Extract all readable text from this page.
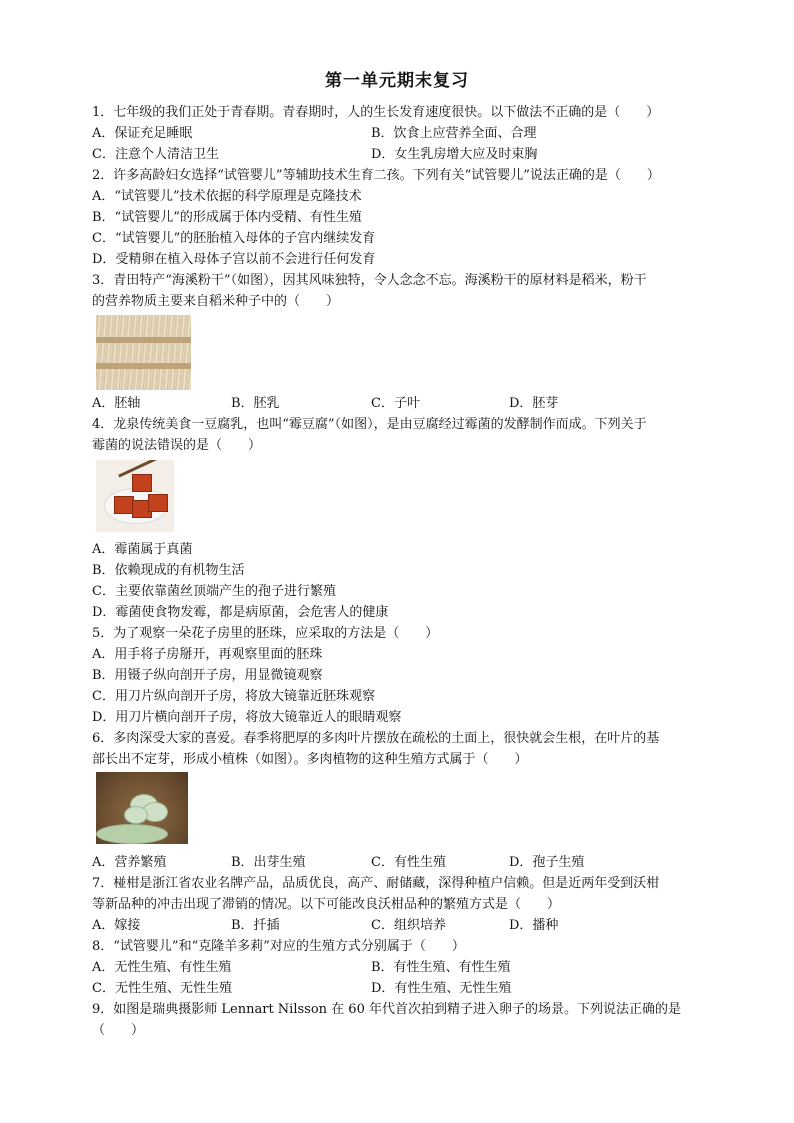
第一单元期末复习
1．七年级的我们正处于青春期。青春期时，人的生长发育速度很快。以下做法不正确的是（　　）
A．保证充足睡眠	B．饮食上应营养全面、合理
C．注意个人清洁卫生	D．女生乳房增大应及时束胸
2．许多高龄妇女选择“试管婴儿”等辅助技术生育二孩。下列有关“试管婴儿”说法正确的是（　　）
A．“试管婴儿”技术依据的科学原理是克隆技术
B．“试管婴儿”的形成属于体内受精、有性生殖
C．“试管婴儿”的胚胎植入母体的子宫内继续发育
D．受精卵在植入母体子宫以前不会进行任何发育
3．青田特产“海溪粉干”（如图），因其风味独特，令人念念不忘。海溪粉干的原材料是稻米，粉干
的营养物质主要来自稻米种子中的（　　）
A．胚轴	B．胚乳	C．子叶	D．胚芽
4．龙泉传统美食一豆腐乳，也叫“霉豆腐”（如图），是由豆腐经过霉菌的发酵制作而成。下列关于
霉菌的说法错误的是（　　）
A．霉菌属于真菌
B．依赖现成的有机物生活
C．主要依靠菌丝顶端产生的孢子进行繁殖
D．霉菌使食物发霉，都是病原菌，会危害人的健康
5．为了观察一朵花子房里的胚珠，应采取的方法是（　　）
A．用手将子房掰开，再观察里面的胚珠
B．用镊子纵向剖开子房，用显微镜观察
C．用刀片纵向剖开子房，将放大镜靠近胚珠观察
D．用刀片横向剖开子房，将放大镜靠近人的眼睛观察
6．多肉深受大家的喜爱。春季将肥厚的多肉叶片摆放在疏松的土面上，很快就会生根，在叶片的基
部长出不定芽，形成小植株（如图）。多肉植物的这种生殖方式属于（　　）
A．营养繁殖	B．出芽生殖	C．有性生殖	D．孢子生殖
7．椪柑是浙江省农业名牌产品，品质优良，高产、耐储藏，深得种植户信赖。但是近两年受到沃柑
等新品种的冲击出现了滞销的情况。以下可能改良沃柑品种的繁殖方式是（　　）
A．嫁接	B．扦插	C．组织培养	D．播种
8．“试管婴儿”和“克隆羊多莉”对应的生殖方式分别属于（　　）
A．无性生殖、有性生殖	B．有性生殖、有性生殖
C．无性生殖、无性生殖	D．有性生殖、无性生殖
9．如图是瑞典摄影师 Lennart Nilsson 在 60 年代首次拍到精子进入卵子的场景。下列说法正确的是
（　　）
